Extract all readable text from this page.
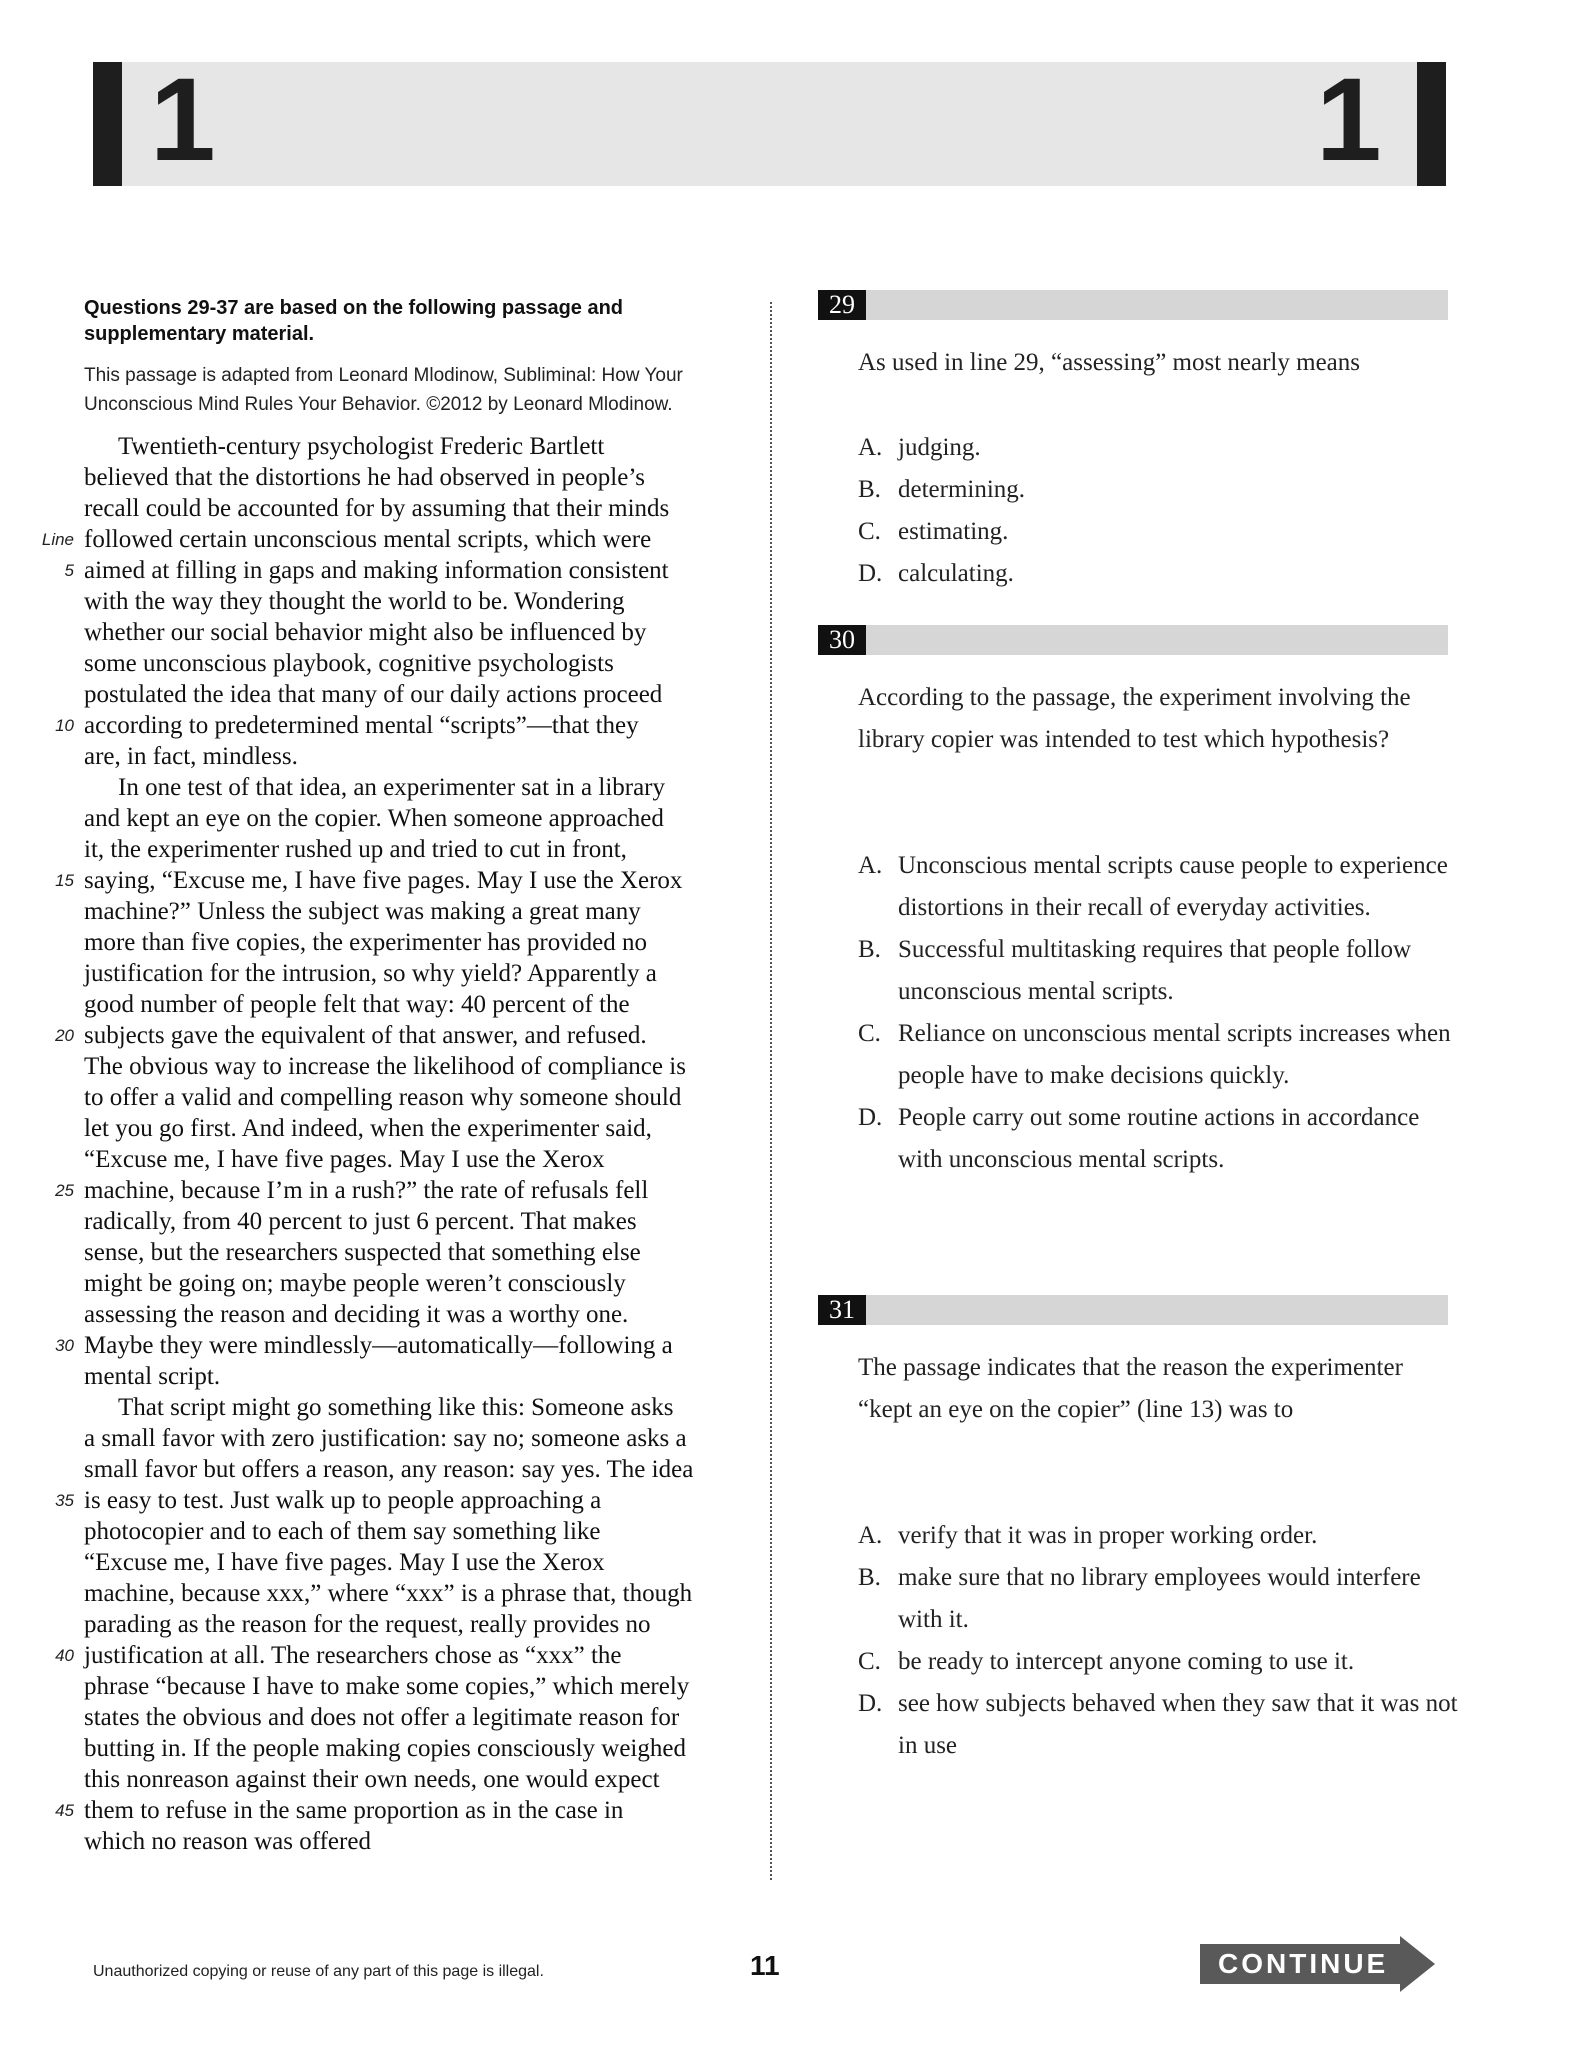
1	1
Questions 29-37 are based on the following passage and supplementary material.
This passage is adapted from Leonard Mlodinow, Subliminal: How Your Unconscious Mind Rules Your Behavior. ©2012 by Leonard Mlodinow.
Twentieth-century psychologist Frederic Bartlett
believed that the distortions he had observed in people’s
recall could be accounted for by assuming that their minds
Line followed certain unconscious mental scripts, which were
5 aimed at filling in gaps and making information consistent
with the way they thought the world to be. Wondering
whether our social behavior might also be influenced by
some unconscious playbook, cognitive psychologists
postulated the idea that many of our daily actions proceed
10 according to predetermined mental “scripts”—that they
are, in fact, mindless.
In one test of that idea, an experimenter sat in a library
and kept an eye on the copier. When someone approached
it, the experimenter rushed up and tried to cut in front,
15 saying, “Excuse me, I have five pages. May I use the Xerox
machine?” Unless the subject was making a great many
more than five copies, the experimenter has provided no
justification for the intrusion, so why yield? Apparently a
good number of people felt that way: 40 percent of the
20 subjects gave the equivalent of that answer, and refused.
The obvious way to increase the likelihood of compliance is
to offer a valid and compelling reason why someone should
let you go first. And indeed, when the experimenter said,
“Excuse me, I have five pages. May I use the Xerox
25 machine, because I’m in a rush?” the rate of refusals fell
radically, from 40 percent to just 6 percent. That makes
sense, but the researchers suspected that something else
might be going on; maybe people weren’t consciously
assessing the reason and deciding it was a worthy one.
30 Maybe they were mindlessly—automatically—following a
mental script.
That script might go something like this: Someone asks
a small favor with zero justification: say no; someone asks a
small favor but offers a reason, any reason: say yes. The idea
35 is easy to test. Just walk up to people approaching a
photocopier and to each of them say something like
“Excuse me, I have five pages. May I use the Xerox
machine, because xxx,” where “xxx” is a phrase that, though
parading as the reason for the request, really provides no
40 justification at all. The researchers chose as “xxx” the
phrase “because I have to make some copies,” which merely
states the obvious and does not offer a legitimate reason for
butting in. If the people making copies consciously weighed
this nonreason against their own needs, one would expect
45 them to refuse in the same proportion as in the case in
which no reason was offered
29
As used in line 29, “assessing” most nearly means
A. judging.
B. determining.
C. estimating.
D. calculating.
30
According to the passage, the experiment involving the library copier was intended to test which hypothesis?
A. Unconscious mental scripts cause people to experience distortions in their recall of everyday activities.
B. Successful multitasking requires that people follow unconscious mental scripts.
C. Reliance on unconscious mental scripts increases when people have to make decisions quickly.
D. People carry out some routine actions in accordance with unconscious mental scripts.
31
The passage indicates that the reason the experimenter “kept an eye on the copier” (line 13) was to
A. verify that it was in proper working order.
B. make sure that no library employees would interfere with it.
C. be ready to intercept anyone coming to use it.
D. see how subjects behaved when they saw that it was not in use
Unauthorized copying or reuse of any part of this page is illegal.	11	CONTINUE
